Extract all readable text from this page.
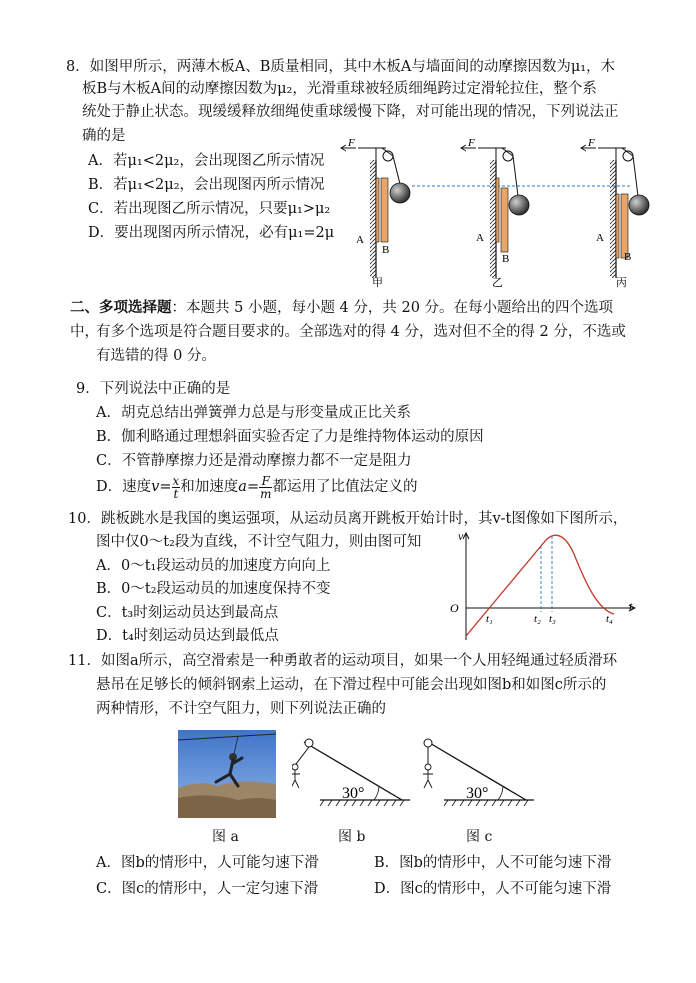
8．如图甲所示，两薄木板A、B质量相同，其中木板A与墙面间的动摩擦因数为μ₁，木
板B与木板A间的动摩擦因数为μ₂，光滑重球被轻质细绳跨过定滑轮拉住，整个系
统处于静止状态。现缓缓释放细绳使重球缓慢下降，对可能出现的情况，下列说法正
确的是
A．若μ₁<2μ₂，会出现图乙所示情况
B．若μ₁<2μ₂，会出现图丙所示情况
C．若出现图乙所示情况，只要μ₁>μ₂
D．要出现图丙所示情况，必有μ₁=2μ
F
A
B
甲
F
A
B
乙
F
A
B
丙
二、多项选择题：本题共 5 小题，每小题 4 分，共 20 分。在每小题给出的四个选项中，
有多个选项是符合题目要求的。全部选对的得 4 分，选对但不全的得 2 分，不选或
有选错的得 0 分。
9．下列说法中正确的是
A．胡克总结出弹簧弹力总是与形变量成正比关系
B．伽利略通过理想斜面实验否定了力是维持物体运动的原因
C．不管静摩擦力还是滑动摩擦力都不一定是阻力
D．速度$v= \frac{x}{t}$ 和加速度$a= \frac{F}{m}$ 都运用了比值法定义的
10．跳板跳水是我国的奥运强项，从运动员离开跳板开始计时，其v-t图像如下图所示，
图中仅0～t₂段为直线，不计空气阻力，则由图可知
A．0～t₁段运动员的加速度方向向上
B．0～t₂段运动员的加速度保持不变
C．t₃时刻运动员达到最高点
D．t₄时刻运动员达到最低点
v
t
O
t₁	t₂ t₃	t₄
11．如图a所示，高空滑索是一种勇敢者的运动项目，如果一个人用轻绳通过轻质滑环
悬吊在足够长的倾斜钢索上运动，在下滑过程中可能会出现如图b和如图c所示的
两种情形，不计空气阻力，则下列说法正确的
30°	30°
图 a	图 b	图 c
A．图b的情形中，人可能匀速下滑	B．图b的情形中，人不可能匀速下滑
C．图c的情形中，人一定匀速下滑	D．图c的情形中，人不可能匀速下滑
